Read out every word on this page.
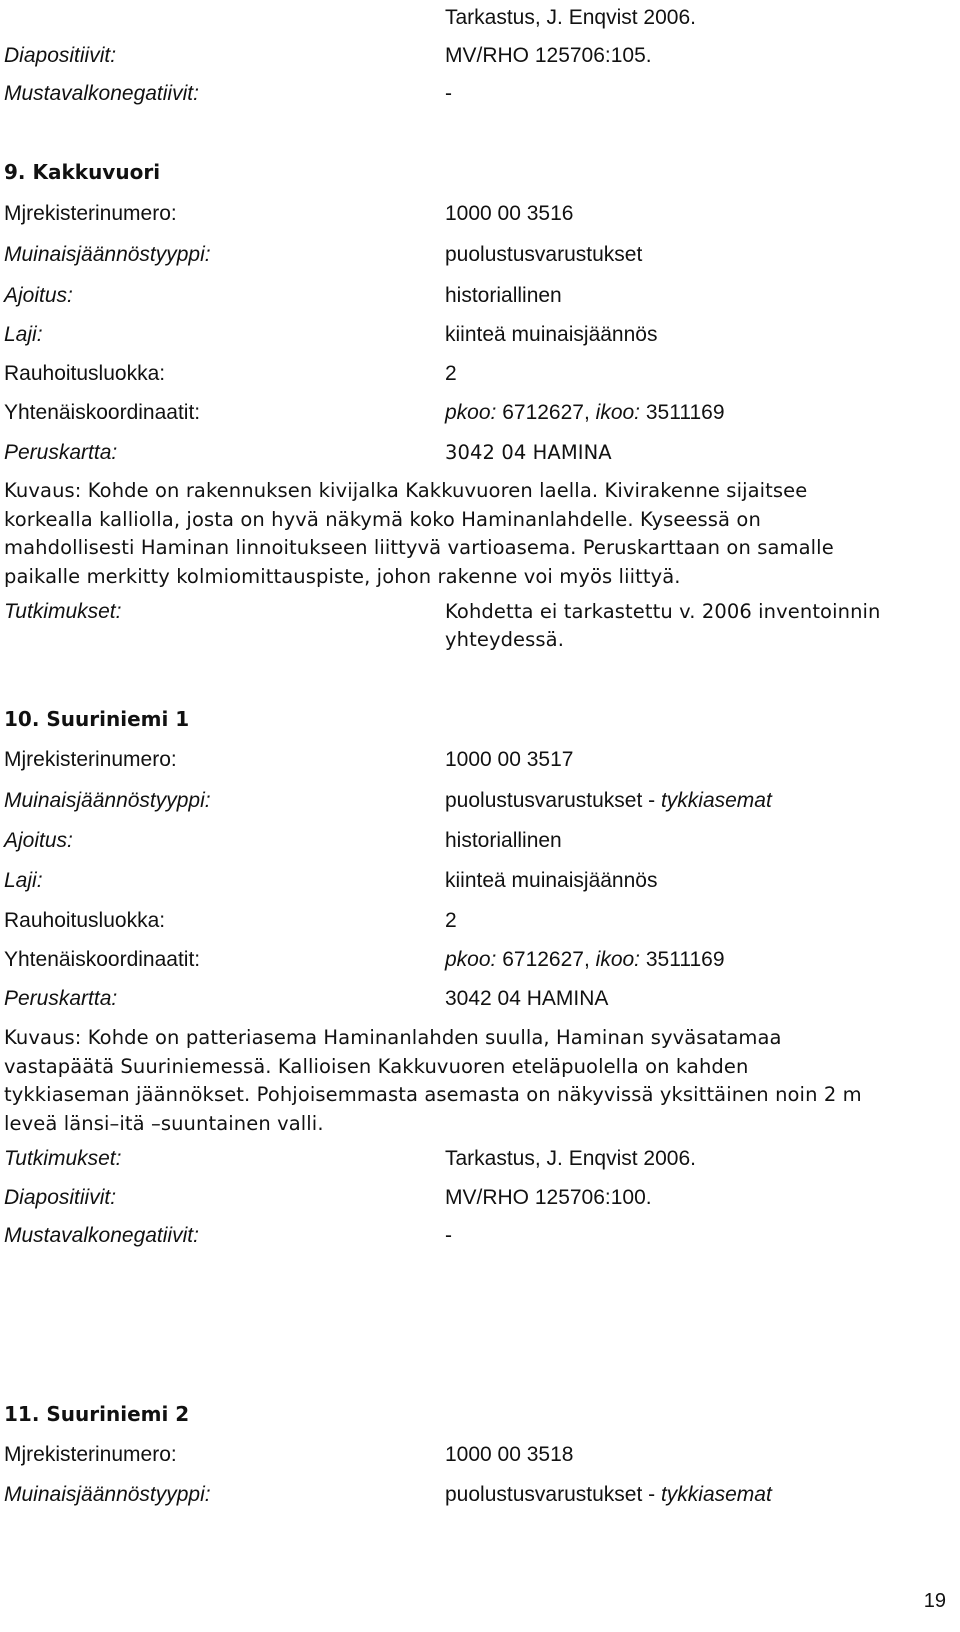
Tarkastus, J. Enqvist 2006.
Diapositiivit:	MV/RHO 125706:105.
Mustavalkonegatiivit:	-
9. Kakkuvuori
Mjrekisterinumero:	1000 00 3516
Muinaisjäännöstyyppi:	puolustusvarustukset
Ajoitus:	historiallinen
Laji:	kiinteä muinaisjäännös
Rauhoitusluokka:	2
Yhtenäiskoordinaatit:	pkoo: 6712627, ikoo: 3511169
Peruskartta:	3042 04 HAMINA
Kuvaus: Kohde on rakennuksen kivijalka Kakkuvuoren laella. Kivirakenne sijaitsee
korkealla kalliolla, josta on hyvä näkymä koko Haminanlahdelle. Kyseessä on
mahdollisesti Haminan linnoitukseen liittyvä vartioasema. Peruskarttaan on samalle
paikalle merkitty kolmiomittauspiste, johon rakenne voi myös liittyä.
Tutkimukset:	Kohdetta ei tarkastettu v. 2006 inventoinnin
yhteydessä.
10. Suuriniemi 1
Mjrekisterinumero:	1000 00 3517
Muinaisjäännöstyyppi:	puolustusvarustukset - tykkiasemat
Ajoitus:	historiallinen
Laji:	kiinteä muinaisjäännös
Rauhoitusluokka:	2
Yhtenäiskoordinaatit:	pkoo: 6712627, ikoo: 3511169
Peruskartta:	3042 04 HAMINA
Kuvaus: Kohde on patteriasema Haminanlahden suulla, Haminan syväsatamaa
vastapäätä Suuriniemessä. Kallioisen Kakkuvuoren eteläpuolella on kahden
tykkiaseman jäännökset. Pohjoisemmasta asemasta on näkyvissä yksittäinen noin 2 m
leveä länsi–itä –suuntainen valli.
Tutkimukset:	Tarkastus, J. Enqvist 2006.
Diapositiivit:	MV/RHO 125706:100.
Mustavalkonegatiivit:	-
11. Suuriniemi 2
Mjrekisterinumero:	1000 00 3518
Muinaisjäännöstyyppi:	puolustusvarustukset - tykkiasemat
19
